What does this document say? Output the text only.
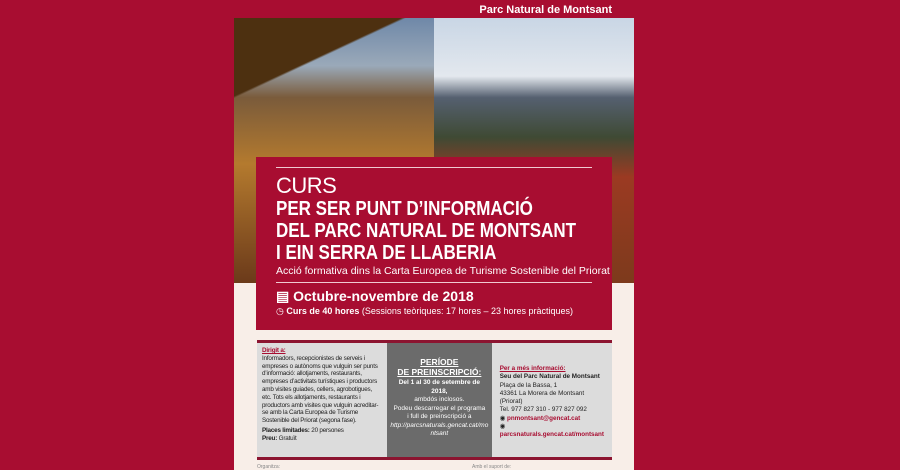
Parc Natural de Montsant
CURS
PER SER PUNT D’INFORMACIÓ
DEL PARC NATURAL DE MONTSANT
I EIN SERRA DE LLABERIA
Acció formativa dins la Carta Europea de Turisme Sostenible del Priorat
▤ Octubre-novembre de 2018
◷ Curs de 40 hores (Sessions teòriques: 17 hores – 23 hores pràctiques)
Dirigit a:
Informadors, recepcionistes de serveis i empreses o autònoms que vulguin ser punts d’informació: allotjaments, restaurants, empreses d’activitats turístiques i productors amb visites guiades, cellers, agrobotigues, etc. Tots els allotjaments, restaurants i productors amb visites que vulguin acreditar-se amb la Carta Europea de Turisme Sostenible del Priorat (segona fase).
Places limitades: 20 persones
Preu: Gratuït
PERÍODE
DE PREINSCRIPCIÓ:
Del 1 al 30 de setembre de 2018,
ambdós inclosos.
Podeu descarregar el programa
i full de preinscripció a
http://parcsnaturals.gencat.cat/montsant
Per a més informació:
Seu del Parc Natural de Montsant
Plaça de la Bassa, 1
43361 La Morera de Montsant (Priorat)
Tel. 977 827 310 - 977 827 092
◉ pnmontsant@gencat.cat
◉ parcsnaturals.gencat.cat/montsant
Organitza:	Amb el suport de:
